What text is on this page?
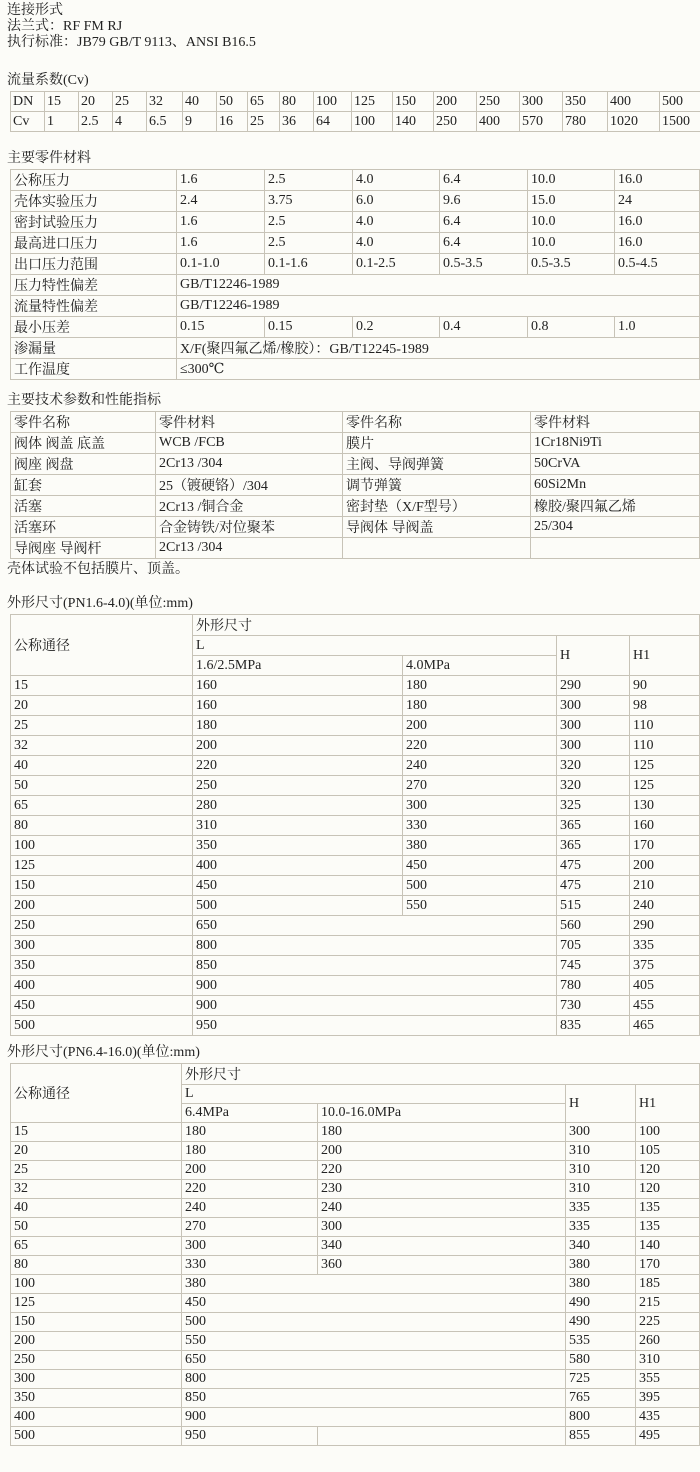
连接形式
法兰式：RF FM RJ
执行标准：JB79 GB/T 9113、ANSI B16.5
流量系数(Cv)
DN	15	20	25	32	40	50	65	80	100	125	150	200	250	300	350	400	500
Cv	1	2.5	4	6.5	9	16	25	36	64	100	140	250	400	570	780	1020	1500
主要零件材料
公称压力	1.6	2.5	4.0	6.4	10.0	16.0
壳体实验压力	2.4	3.75	6.0	9.6	15.0	24
密封试验压力	1.6	2.5	4.0	6.4	10.0	16.0
最高进口压力	1.6	2.5	4.0	6.4	10.0	16.0
出口压力范围	0.1-1.0	0.1-1.6	0.1-2.5	0.5-3.5	0.5-3.5	0.5-4.5
压力特性偏差	GB/T12246-1989					
流量特性偏差	GB/T12246-1989					
最小压差	0.15	0.15	0.2	0.4	0.8	1.0
渗漏量	X/F(聚四氟乙烯/橡胶）：GB/T12245-1989					
工作温度	≤300℃					
主要技术参数和性能指标
零件名称	零件材料	零件名称	零件材料
阀体 阀盖 底盖	WCB /FCB	膜片	1Cr18Ni9Ti
阀座 阀盘	2Cr13 /304	主阀、导阀弹簧	50CrVA
缸套	25（镀硬铬）/304	调节弹簧	60Si2Mn
活塞	2Cr13 /铜合金	密封垫（X/F型号）	橡胶/聚四氟乙烯
活塞环	合金铸铁/对位聚苯	导阀体 导阀盖	25/304
导阀座 导阀杆	2Cr13 /304		
壳体试验不包括膜片、顶盖。
外形尺寸(PN1.6-4.0)(单位:mm)
公称通径	外形尺寸			
	L		H	H1
	1.6/2.5MPa	4.0MPa		
15	160	180	290	90
20	160	180	300	98
25	180	200	300	110
32	200	220	300	110
40	220	240	320	125
50	250	270	320	125
65	280	300	325	130
80	310	330	365	160
100	350	380	365	170
125	400	450	475	200
150	450	500	475	210
200	500	550	515	240
250	650		560	290
300	800		705	335
350	850		745	375
400	900		780	405
450	900		730	455
500	950		835	465
外形尺寸(PN6.4-16.0)(单位:mm)
公称通径	外形尺寸			
	L		H	H1
	6.4MPa	10.0-16.0MPa		
15	180	180	300	100
20	180	200	310	105
25	200	220	310	120
32	220	230	310	120
40	240	240	335	135
50	270	300	335	135
65	300	340	340	140
80	330	360	380	170
100	380		380	185
125	450		490	215
150	500		490	225
200	550		535	260
250	650		580	310
300	800		725	355
350	850		765	395
400	900		800	435
500	950		855	495
